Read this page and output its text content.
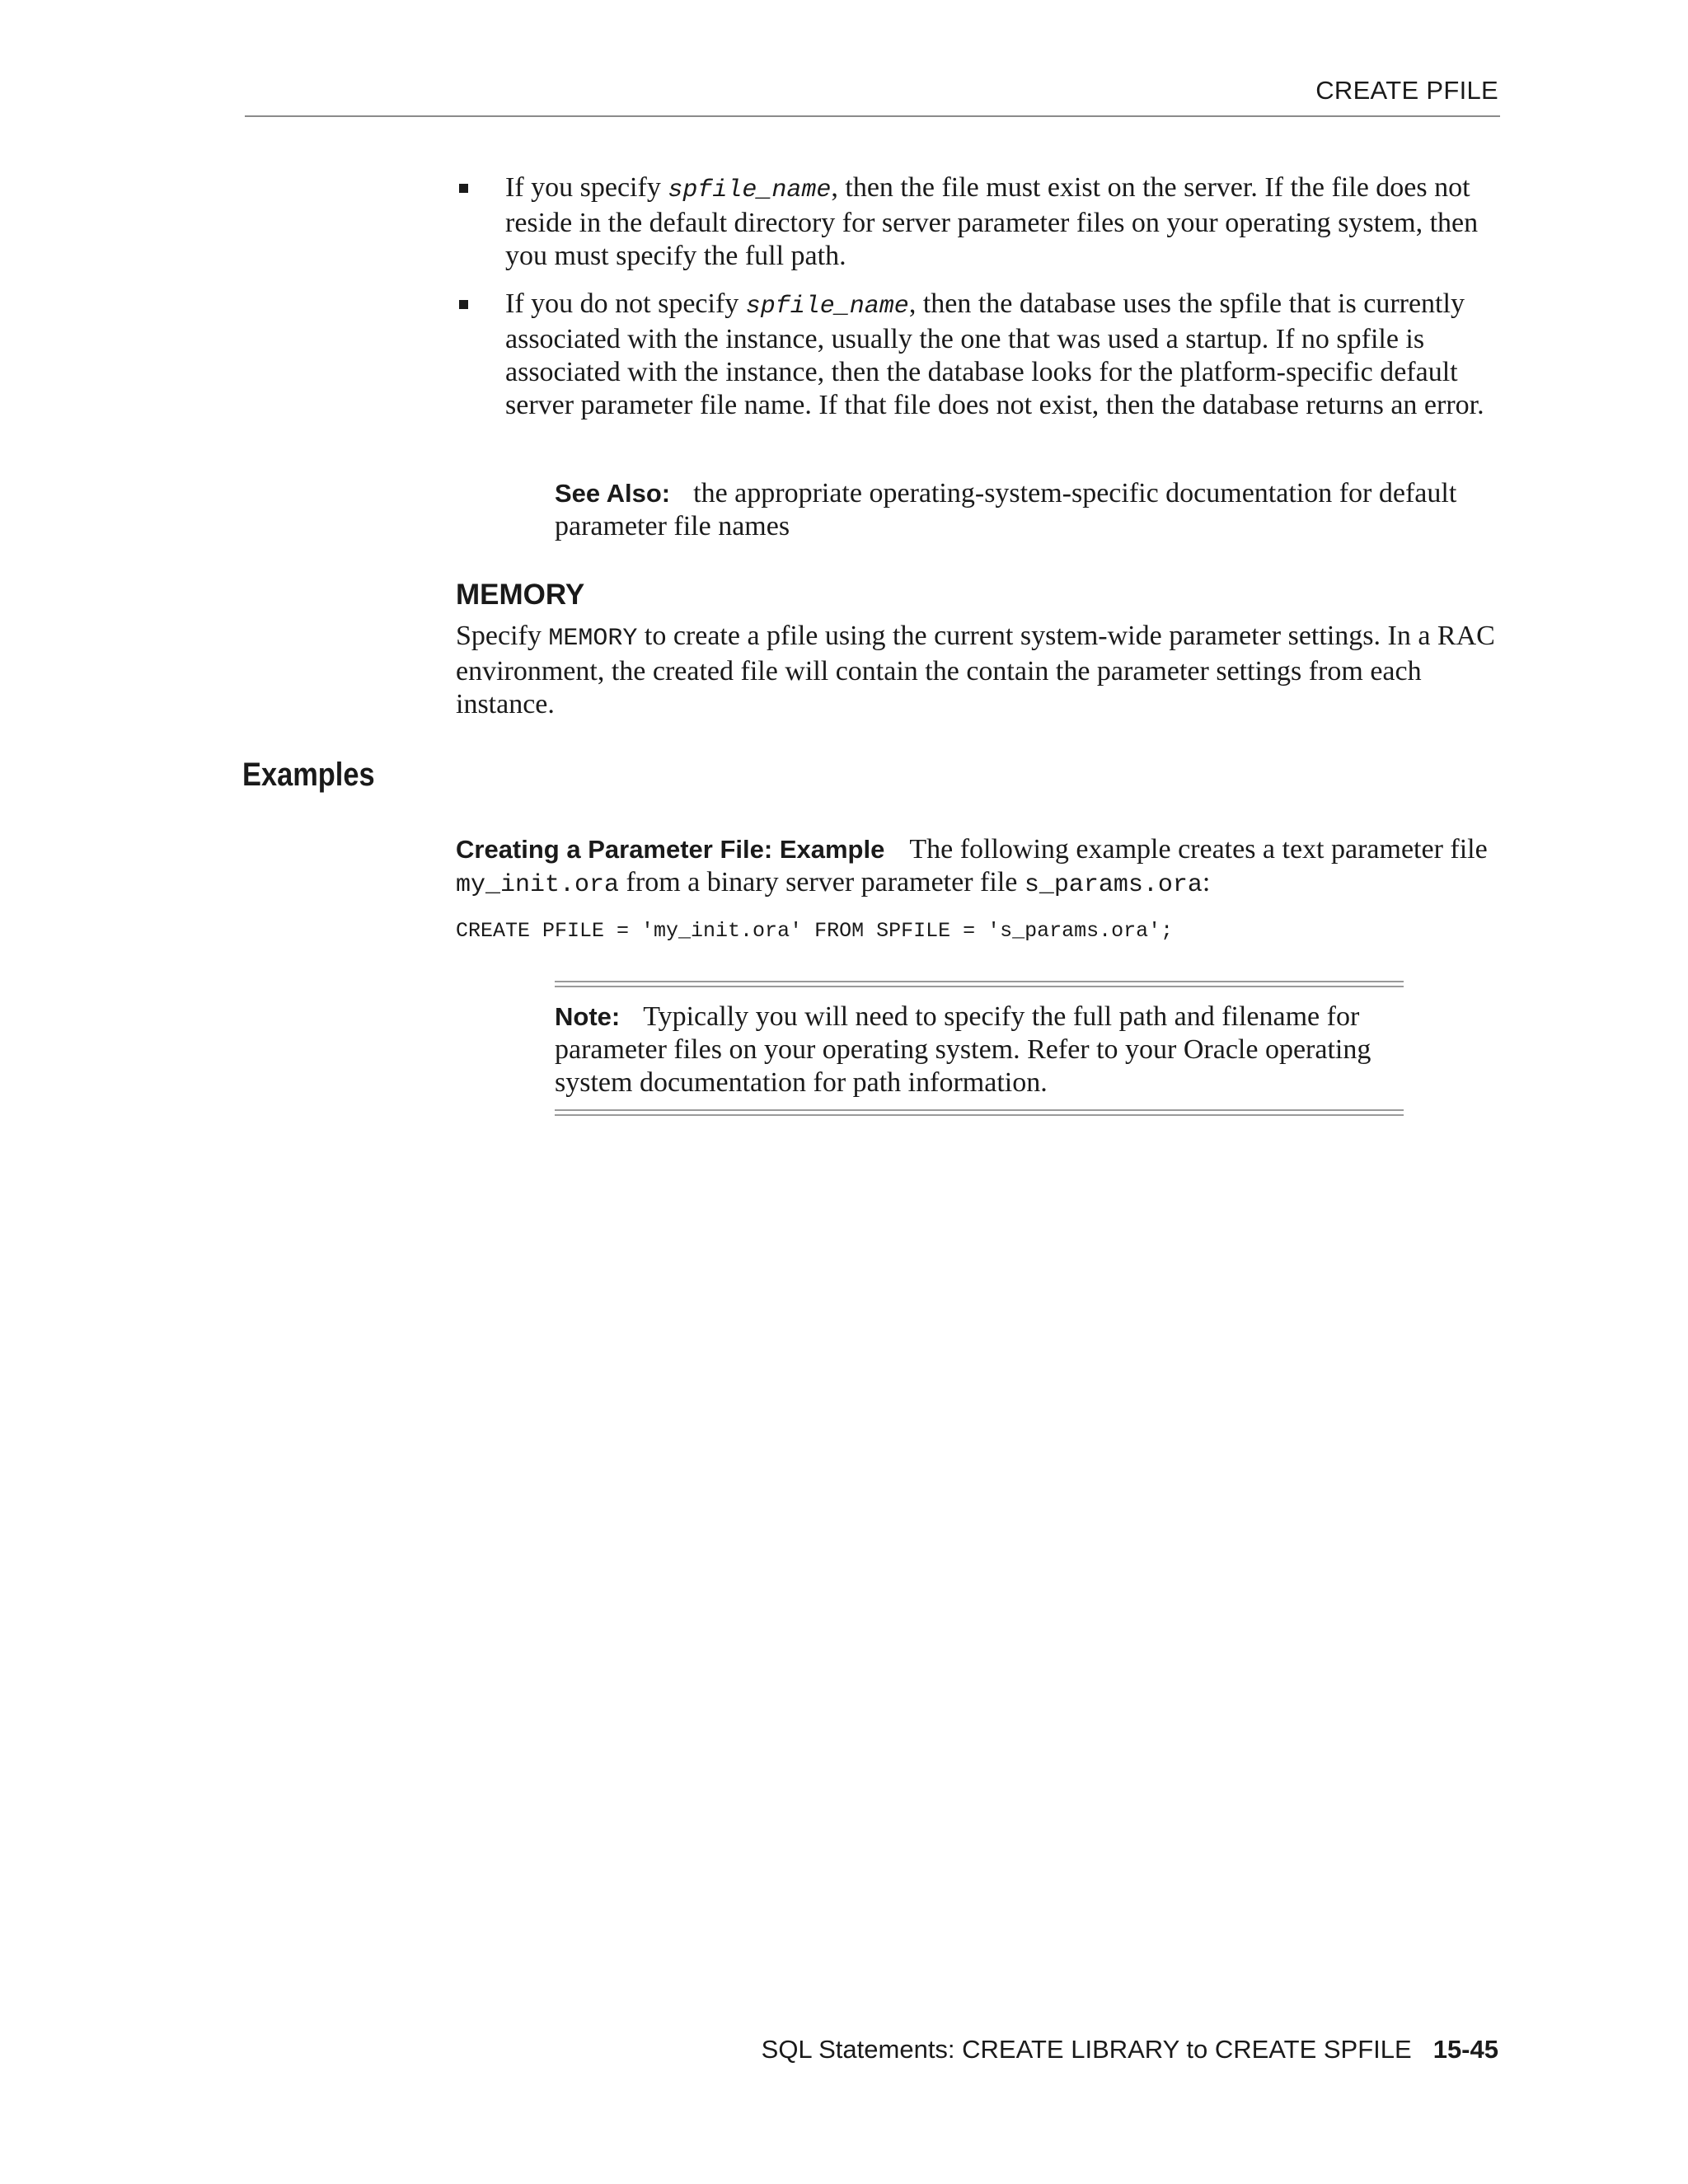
CREATE PFILE
If you specify spfile_name, then the file must exist on the server. If the file does not reside in the default directory for server parameter files on your operating system, then you must specify the full path.
If you do not specify spfile_name, then the database uses the spfile that is currently associated with the instance, usually the one that was used a startup. If no spfile is associated with the instance, then the database looks for the platform-specific default server parameter file name. If that file does not exist, then the database returns an error.
See Also: the appropriate operating-system-specific documentation for default parameter file names
MEMORY

Specify MEMORY to create a pfile using the current system-wide parameter settings. In a RAC environment, the created file will contain the contain the parameter settings from each instance.

Examples

Creating a Parameter File: Example The following example creates a text parameter file my_init.ora from a binary server parameter file s_params.ora:

CREATE PFILE = 'my_init.ora' FROM SPFILE = 's_params.ora';
Note: Typically you will need to specify the full path and filename for parameter files on your operating system. Refer to your Oracle operating system documentation for path information.
SQL Statements: CREATE LIBRARY to CREATE SPFILE 15-45
